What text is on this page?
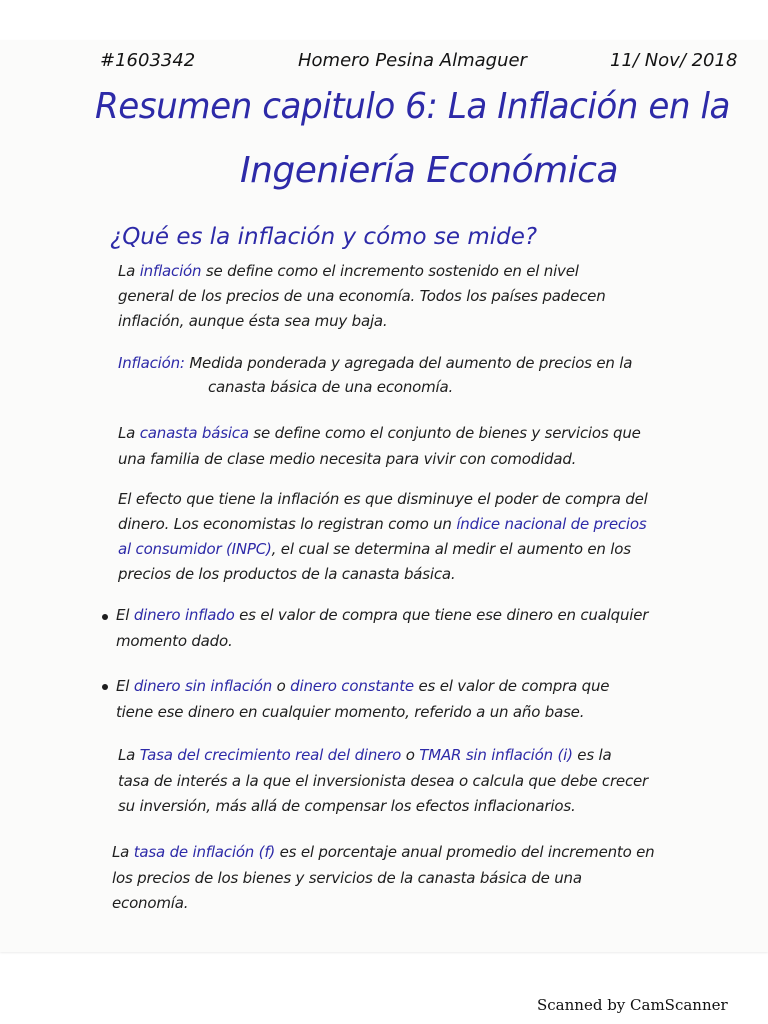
#1603342	Homero Pesina Almaguer	11/ Nov/ 2018
Resumen capitulo 6: La Inflación en la
Ingeniería Económica
¿Qué es la inflación y cómo se mide?
La inflación se define como el incremento sostenido en el nivel
general de los precios de una economía. Todos los países padecen
inflación, aunque ésta sea muy baja.
Inflación: Medida ponderada y agregada del aumento de precios en la
canasta básica de una economía.
La canasta básica se define como el conjunto de bienes y servicios que
una familia de clase medio necesita para vivir con comodidad.
El efecto que tiene la inflación es que disminuye el poder de compra del
dinero. Los economistas lo registran como un índice nacional de precios
al consumidor (INPC), el cual se determina al medir el aumento en los
precios de los productos de la canasta básica.
El dinero inflado es el valor de compra que tiene ese dinero en cualquier
momento dado.
El dinero sin inflación o dinero constante es el valor de compra que
tiene ese dinero en cualquier momento, referido a un año base.
La Tasa del crecimiento real del dinero o TMAR sin inflación (i) es la
tasa de interés a la que el inversionista desea o calcula que debe crecer
su inversión, más allá de compensar los efectos inflacionarios.
La tasa de inflación (f) es el porcentaje anual promedio del incremento en
los precios de los bienes y servicios de la canasta básica de una
economía.
Scanned by CamScanner
